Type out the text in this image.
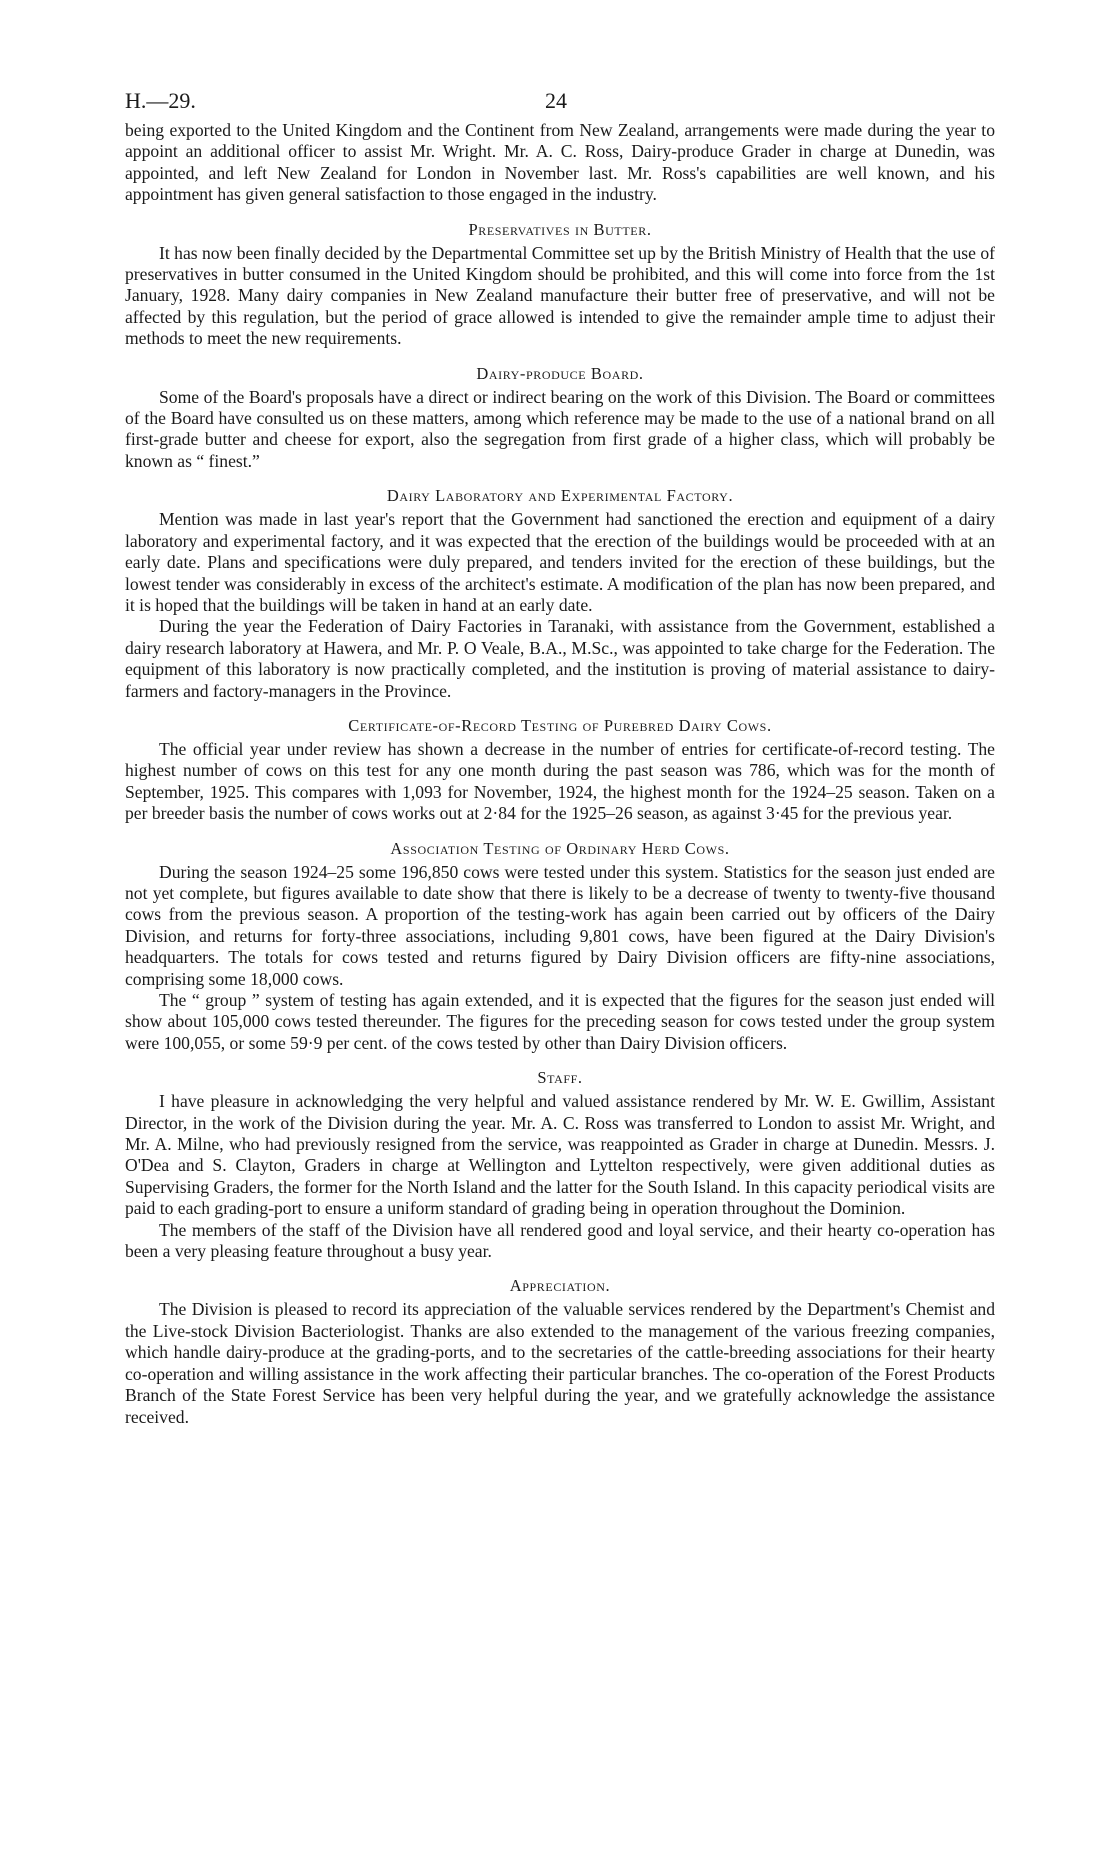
H.—29.	24

being exported to the United Kingdom and the Continent from New Zealand, arrangements were made during the year to appoint an additional officer to assist Mr. Wright. Mr. A. C. Ross, Dairy-produce Grader in charge at Dunedin, was appointed, and left New Zealand for London in November last. Mr. Ross's capabilities are well known, and his appointment has given general satisfaction to those engaged in the industry.

Preservatives in Butter.

It has now been finally decided by the Departmental Committee set up by the British Ministry of Health that the use of preservatives in butter consumed in the United Kingdom should be prohibited, and this will come into force from the 1st January, 1928. Many dairy companies in New Zealand manufacture their butter free of preservative, and will not be affected by this regulation, but the period of grace allowed is intended to give the remainder ample time to adjust their methods to meet the new requirements.

Dairy-produce Board.

Some of the Board's proposals have a direct or indirect bearing on the work of this Division. The Board or committees of the Board have consulted us on these matters, among which reference may be made to the use of a national brand on all first-grade butter and cheese for export, also the segregation from first grade of a higher class, which will probably be known as “ finest.”

Dairy Laboratory and Experimental Factory.

Mention was made in last year's report that the Government had sanctioned the erection and equipment of a dairy laboratory and experimental factory, and it was expected that the erection of the buildings would be proceeded with at an early date. Plans and specifications were duly prepared, and tenders invited for the erection of these buildings, but the lowest tender was considerably in excess of the architect's estimate. A modification of the plan has now been prepared, and it is hoped that the buildings will be taken in hand at an early date.

During the year the Federation of Dairy Factories in Taranaki, with assistance from the Government, established a dairy research laboratory at Hawera, and Mr. P. O Veale, B.A., M.Sc., was appointed to take charge for the Federation. The equipment of this laboratory is now practically completed, and the institution is proving of material assistance to dairy-farmers and factory-managers in the Province.

Certificate-of-Record Testing of Purebred Dairy Cows.

The official year under review has shown a decrease in the number of entries for certificate-of-record testing. The highest number of cows on this test for any one month during the past season was 786, which was for the month of September, 1925. This compares with 1,093 for November, 1924, the highest month for the 1924–25 season. Taken on a per breeder basis the number of cows works out at 2·84 for the 1925–26 season, as against 3·45 for the previous year.

Association Testing of Ordinary Herd Cows.

During the season 1924–25 some 196,850 cows were tested under this system. Statistics for the season just ended are not yet complete, but figures available to date show that there is likely to be a decrease of twenty to twenty-five thousand cows from the previous season. A proportion of the testing-work has again been carried out by officers of the Dairy Division, and returns for forty-three associations, including 9,801 cows, have been figured at the Dairy Division's headquarters. The totals for cows tested and returns figured by Dairy Division officers are fifty-nine associations, comprising some 18,000 cows.

The “ group ” system of testing has again extended, and it is expected that the figures for the season just ended will show about 105,000 cows tested thereunder. The figures for the preceding season for cows tested under the group system were 100,055, or some 59·9 per cent. of the cows tested by other than Dairy Division officers.

Staff.

I have pleasure in acknowledging the very helpful and valued assistance rendered by Mr. W. E. Gwillim, Assistant Director, in the work of the Division during the year. Mr. A. C. Ross was transferred to London to assist Mr. Wright, and Mr. A. Milne, who had previously resigned from the service, was reappointed as Grader in charge at Dunedin. Messrs. J. O'Dea and S. Clayton, Graders in charge at Wellington and Lyttelton respectively, were given additional duties as Supervising Graders, the former for the North Island and the latter for the South Island. In this capacity periodical visits are paid to each grading-port to ensure a uniform standard of grading being in operation throughout the Dominion.

The members of the staff of the Division have all rendered good and loyal service, and their hearty co-operation has been a very pleasing feature throughout a busy year.

Appreciation.

The Division is pleased to record its appreciation of the valuable services rendered by the Department's Chemist and the Live-stock Division Bacteriologist. Thanks are also extended to the management of the various freezing companies, which handle dairy-produce at the grading-ports, and to the secretaries of the cattle-breeding associations for their hearty co-operation and willing assistance in the work affecting their particular branches. The co-operation of the Forest Products Branch of the State Forest Service has been very helpful during the year, and we gratefully acknowledge the assistance received.
